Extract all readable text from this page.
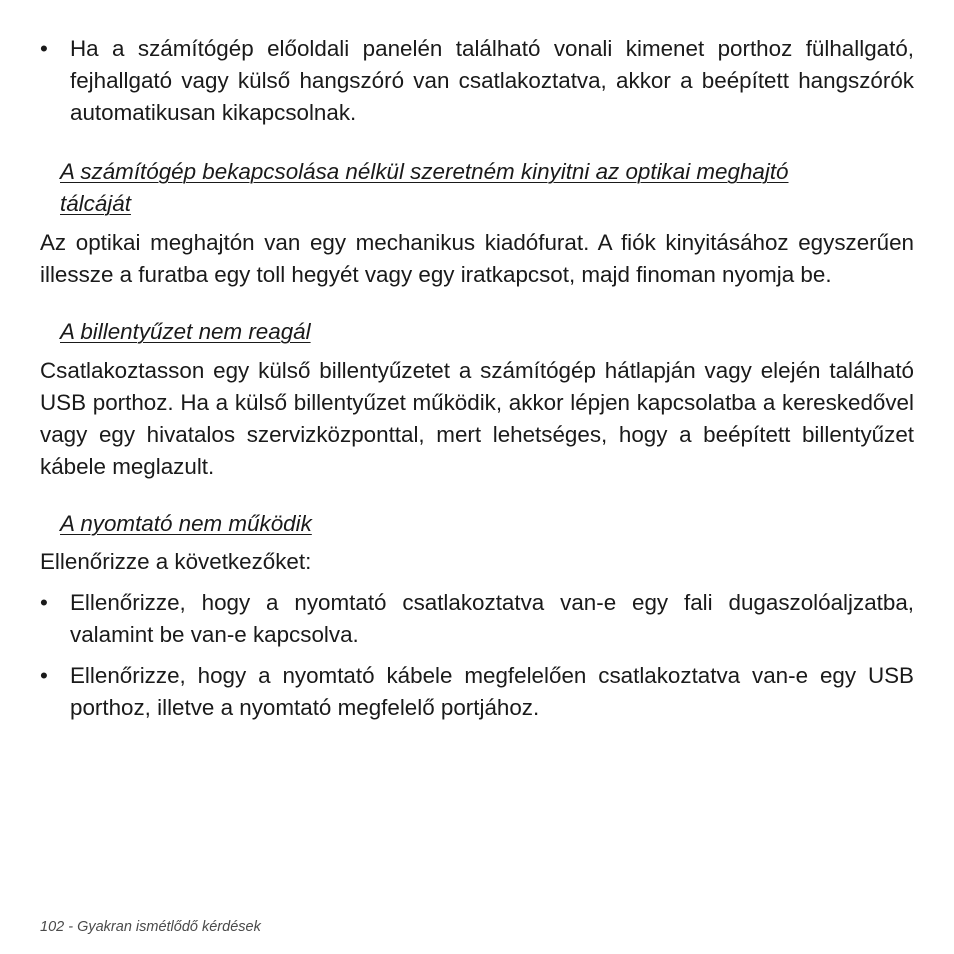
• Ha a számítógép előoldali panelén található vonali kimenet porthoz fülhallgató, fejhallgató vagy külső hangszóró van csatlakoztatva, akkor a beépített hangszórók automatikusan kikapcsolnak.
A számítógép bekapcsolása nélkül szeretném kinyitni az optikai meghajtó tálcáját
Az optikai meghajtón van egy mechanikus kiadófurat. A fiók kinyitásához egyszerűen illessze a furatba egy toll hegyét vagy egy iratkapcsot, majd finoman nyomja be.
A billentyűzet nem reagál
Csatlakoztasson egy külső billentyűzetet a számítógép hátlapján vagy elején található USB porthoz. Ha a külső billentyűzet működik, akkor lépjen kapcsolatba a kereskedővel vagy egy hivatalos szervizközponttal, mert lehetséges, hogy a beépített billentyűzet kábele meglazult.
A nyomtató nem működik
Ellenőrizze a következőket:
• Ellenőrizze, hogy a nyomtató csatlakoztatva van-e egy fali dugaszolóaljzatba, valamint be van-e kapcsolva.
• Ellenőrizze, hogy a nyomtató kábele megfelelően csatlakoztatva van-e egy USB porthoz, illetve a nyomtató megfelelő portjához.
102 - Gyakran ismétlődő kérdések
